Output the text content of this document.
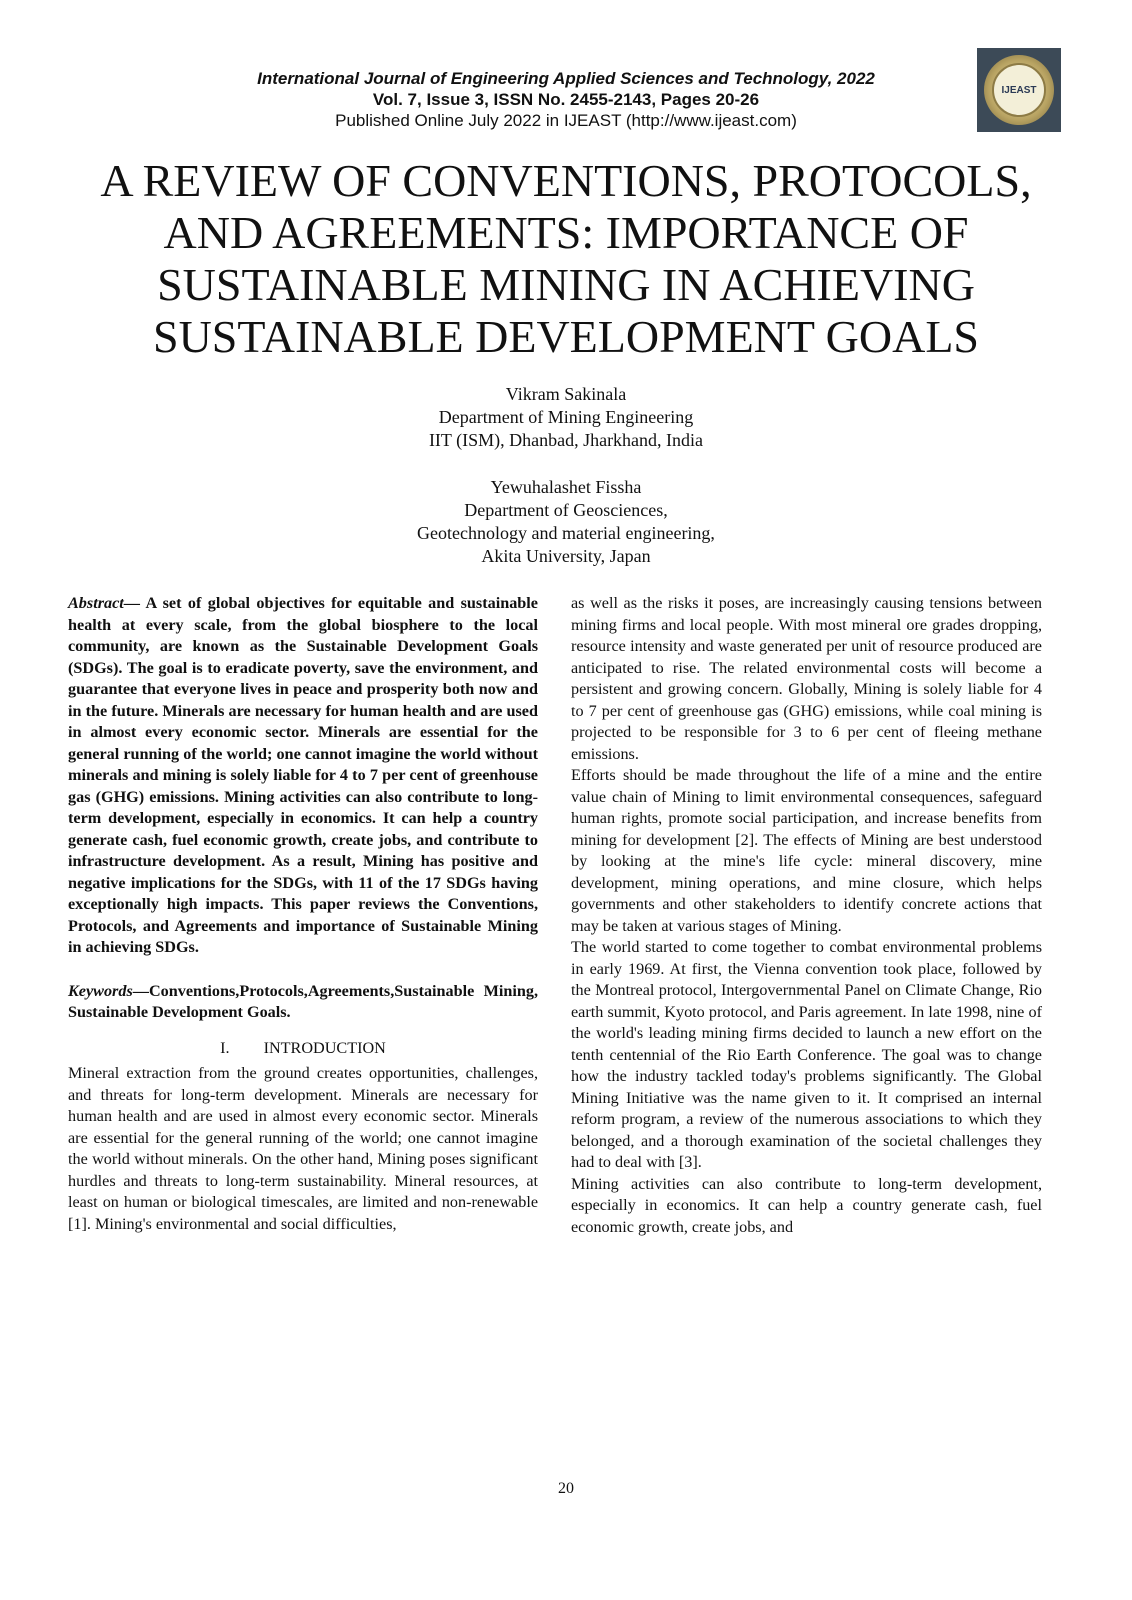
International Journal of Engineering Applied Sciences and Technology, 2022
Vol. 7, Issue 3, ISSN No. 2455-2143, Pages 20-26
Published Online July 2022 in IJEAST (http://www.ijeast.com)
IJEAST
A REVIEW OF CONVENTIONS, PROTOCOLS,
AND AGREEMENTS: IMPORTANCE OF
SUSTAINABLE MINING IN ACHIEVING
SUSTAINABLE DEVELOPMENT GOALS
Vikram Sakinala
Department of Mining Engineering
IIT (ISM), Dhanbad, Jharkhand, India
Yewuhalashet Fissha
Department of Geosciences,
Geotechnology and material engineering,
Akita University, Japan

Abstract— A set of global objectives for equitable and sustainable health at every scale, from the global biosphere to the local community, are known as the Sustainable Development Goals (SDGs). The goal is to eradicate poverty, save the environment, and guarantee that everyone lives in peace and prosperity both now and in the future. Minerals are necessary for human health and are used in almost every economic sector. Minerals are essential for the general running of the world; one cannot imagine the world without minerals and mining is solely liable for 4 to 7 per cent of greenhouse gas (GHG) emissions. Mining activities can also contribute to long-term development, especially in economics. It can help a country generate cash, fuel economic growth, create jobs, and contribute to infrastructure development. As a result, Mining has positive and negative implications for the SDGs, with 11 of the 17 SDGs having exceptionally high impacts. This paper reviews the Conventions, Protocols, and Agreements and importance of Sustainable Mining in achieving SDGs.

Keywords—Conventions,Protocols,Agreements,Sustainable Mining, Sustainable Development Goals.

I. INTRODUCTION

Mineral extraction from the ground creates opportunities, challenges, and threats for long-term development. Minerals are necessary for human health and are used in almost every economic sector. Minerals are essential for the general running of the world; one cannot imagine the world without minerals. On the other hand, Mining poses significant hurdles and threats to long-term sustainability. Mineral resources, at least on human or biological timescales, are limited and non-renewable [1]. Mining's environmental and social difficulties,

as well as the risks it poses, are increasingly causing tensions between mining firms and local people. With most mineral ore grades dropping, resource intensity and waste generated per unit of resource produced are anticipated to rise. The related environmental costs will become a persistent and growing concern. Globally, Mining is solely liable for 4 to 7 per cent of greenhouse gas (GHG) emissions, while coal mining is projected to be responsible for 3 to 6 per cent of fleeing methane emissions.

Efforts should be made throughout the life of a mine and the entire value chain of Mining to limit environmental consequences, safeguard human rights, promote social participation, and increase benefits from mining for development [2]. The effects of Mining are best understood by looking at the mine's life cycle: mineral discovery, mine development, mining operations, and mine closure, which helps governments and other stakeholders to identify concrete actions that may be taken at various stages of Mining.

The world started to come together to combat environmental problems in early 1969. At first, the Vienna convention took place, followed by the Montreal protocol, Intergovernmental Panel on Climate Change, Rio earth summit, Kyoto protocol, and Paris agreement. In late 1998, nine of the world's leading mining firms decided to launch a new effort on the tenth centennial of the Rio Earth Conference. The goal was to change how the industry tackled today's problems significantly. The Global Mining Initiative was the name given to it. It comprised an internal reform program, a review of the numerous associations to which they belonged, and a thorough examination of the societal challenges they had to deal with [3].

Mining activities can also contribute to long-term development, especially in economics. It can help a country generate cash, fuel economic growth, create jobs, and

20
